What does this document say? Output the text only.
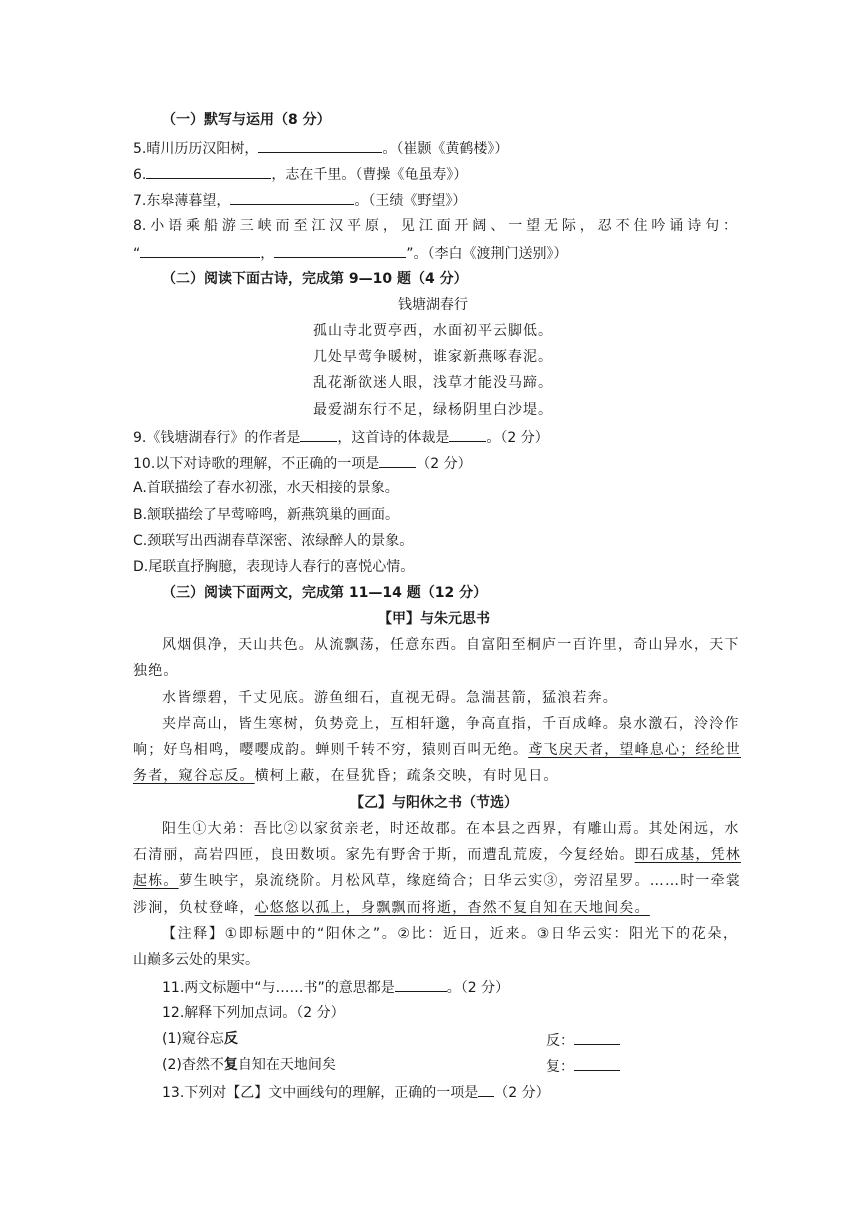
（一）默写与运用（8 分）
5.晴川历历汉阳树，	。（崔颢《黄鹤楼》）
6.	，志在千里。（曹操《龟虽寿》）
7.东皋薄暮望，	。（王绩《野望》）
8.小语乘船游三峡而至江汉平原，见江面开阔、一望无际，忍不住吟诵诗句：
“	，	”。（李白《渡荆门送别》）
（二）阅读下面古诗，完成第 9—10 题（4 分）
钱塘湖春行
孤山寺北贾亭西，水面初平云脚低。
几处早莺争暖树，谁家新燕啄春泥。
乱花渐欲迷人眼，浅草才能没马蹄。
最爱湖东行不足，绿杨阴里白沙堤。
9.《钱塘湖春行》的作者是	，这首诗的体裁是	。（2 分）
10.以下对诗歌的理解，不正确的一项是	（2 分）
A.首联描绘了春水初涨，水天相接的景象。
B.颔联描绘了早莺啼鸣，新燕筑巢的画面。
C.颈联写出西湖春草深密、浓绿醉人的景象。
D.尾联直抒胸臆，表现诗人春行的喜悦心情。
（三）阅读下面两文，完成第 11—14 题（12 分）
【甲】与朱元思书
风烟俱净，天山共色。从流飘荡，任意东西。自富阳至桐庐一百许里，奇山异水，天下
独绝。
水皆缥碧，千丈见底。游鱼细石，直视无碍。急湍甚箭，猛浪若奔。
夹岸高山，皆生寒树，负势竞上，互相轩邈，争高直指，千百成峰。泉水激石，泠泠作
响；好鸟相鸣，嘤嘤成韵。蝉则千转不穷，猿则百叫无绝。鸢飞戾天者，望峰息心；经纶世
务者，窥谷忘反。横柯上蔽，在昼犹昏；疏条交映，有时见日。
【乙】与阳休之书（节选）
阳生①大弟：吾比②以家贫亲老，时还故郡。在本县之西界，有雕山焉。其处闲远，水
石清丽，高岩四匝，良田数顷。家先有野舍于斯，而遭乱荒废，今复经始。即石成基，凭林
起栋。萝生映宇，泉流绕阶。月松风草，缘庭绮合；日华云实③，旁沼星罗。……时一牵裳
涉涧，负杖登峰，心悠悠以孤上，身飘飘而将逝，杳然不复自知在天地间矣。
【注释】①即标题中的“阳休之”。②比：近日，近来。③日华云实：阳光下的花朵，
山巅多云处的果实。
11.两文标题中“与……书”的意思都是	。（2 分）
12.解释下列加点词。（2 分）
(1)窥谷忘反	反：
(2)杳然不复自知在天地间矣	复：
13.下列对【乙】文中画线句的理解，正确的一项是 （2 分）
